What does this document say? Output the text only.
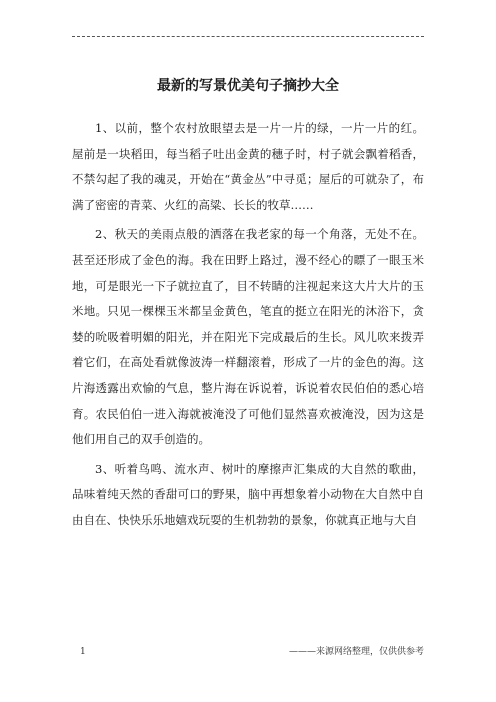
最新的写景优美句子摘抄大全

1、以前，整个农村放眼望去是一片一片的绿，一片一片的红。屋前是一块稻田，每当稻子吐出金黄的穗子时，村子就会飘着稻香，不禁勾起了我的魂灵，开始在“黄金丛”中寻觅；屋后的可就杂了，布满了密密的青菜、火红的高粱、长长的牧草……

2、秋天的美雨点般的洒落在我老家的每一个角落，无处不在。甚至还形成了金色的海。我在田野上路过，漫不经心的瞟了一眼玉米地，可是眼光一下子就拉直了，目不转睛的注视起来这大片大片的玉米地。只见一棵棵玉米都呈金黄色，笔直的挺立在阳光的沐浴下，贪婪的吮吸着明媚的阳光，并在阳光下完成最后的生长。风儿吹来拨弄着它们，在高处看就像波涛一样翻滚着，形成了一片的金色的海。这片海透露出欢愉的气息，整片海在诉说着，诉说着农民伯伯的悉心培育。农民伯伯一进入海就被淹没了可他们显然喜欢被淹没，因为这是他们用自己的双手创造的。

3、听着鸟鸣、流水声、树叶的摩擦声汇集成的大自然的歌曲，品味着纯天然的香甜可口的野果，脑中再想象着小动物在大自然中自由自在、快快乐乐地嬉戏玩耍的生机勃勃的景象，你就真正地与大自

1	———来源网络整理，仅供供参考
